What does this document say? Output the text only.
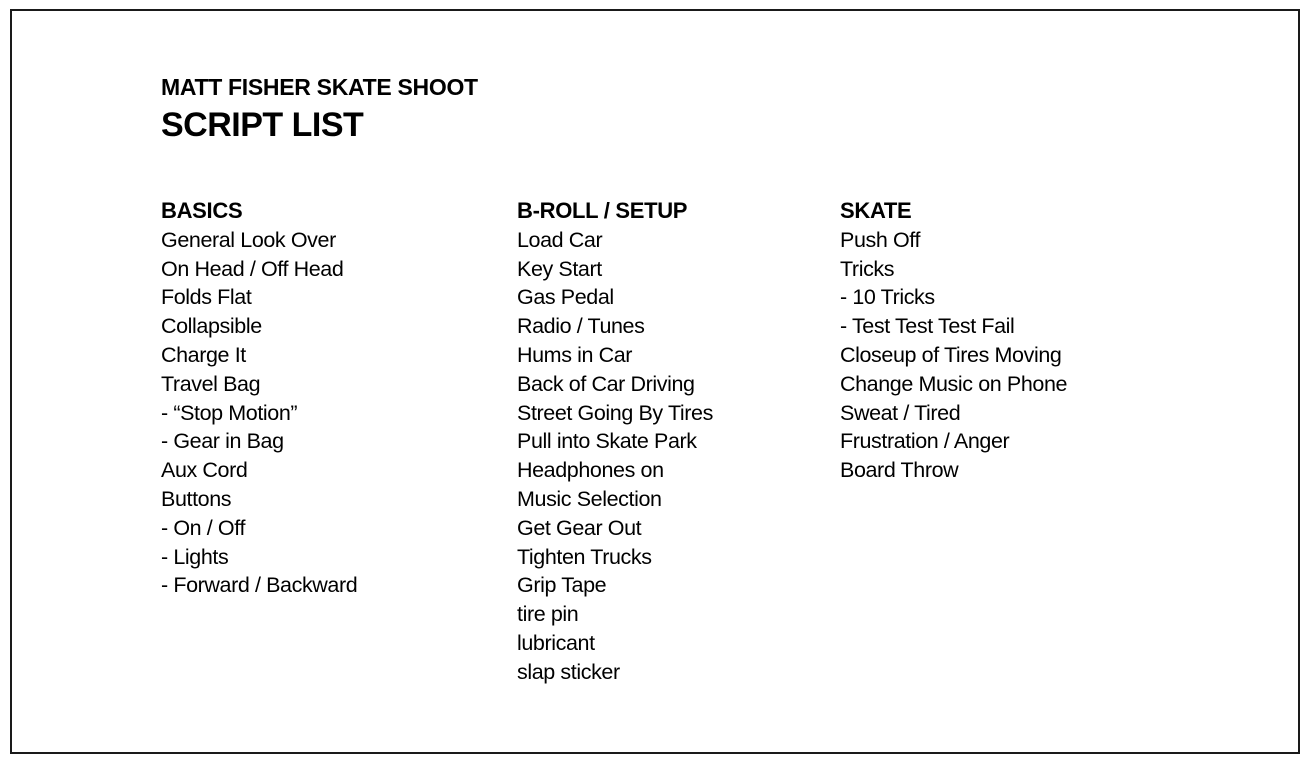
MATT FISHER SKATE SHOOT
SCRIPT LIST
BASICS
General Look Over
On Head / Off Head
Folds Flat
Collapsible
Charge It
Travel Bag
- “Stop Motion”
- Gear in Bag
Aux Cord
Buttons
- On / Off
- Lights
- Forward / Backward
B-ROLL / SETUP
Load Car
Key Start
Gas Pedal
Radio / Tunes
Hums in Car
Back of Car Driving
Street Going By Tires
Pull into Skate Park
Headphones on
Music Selection
Get Gear Out
Tighten Trucks
Grip Tape
tire pin
lubricant
slap sticker
SKATE
Push Off
Tricks
- 10 Tricks
- Test Test Test Fail
Closeup of Tires Moving
Change Music on Phone
Sweat / Tired
Frustration / Anger
Board Throw
